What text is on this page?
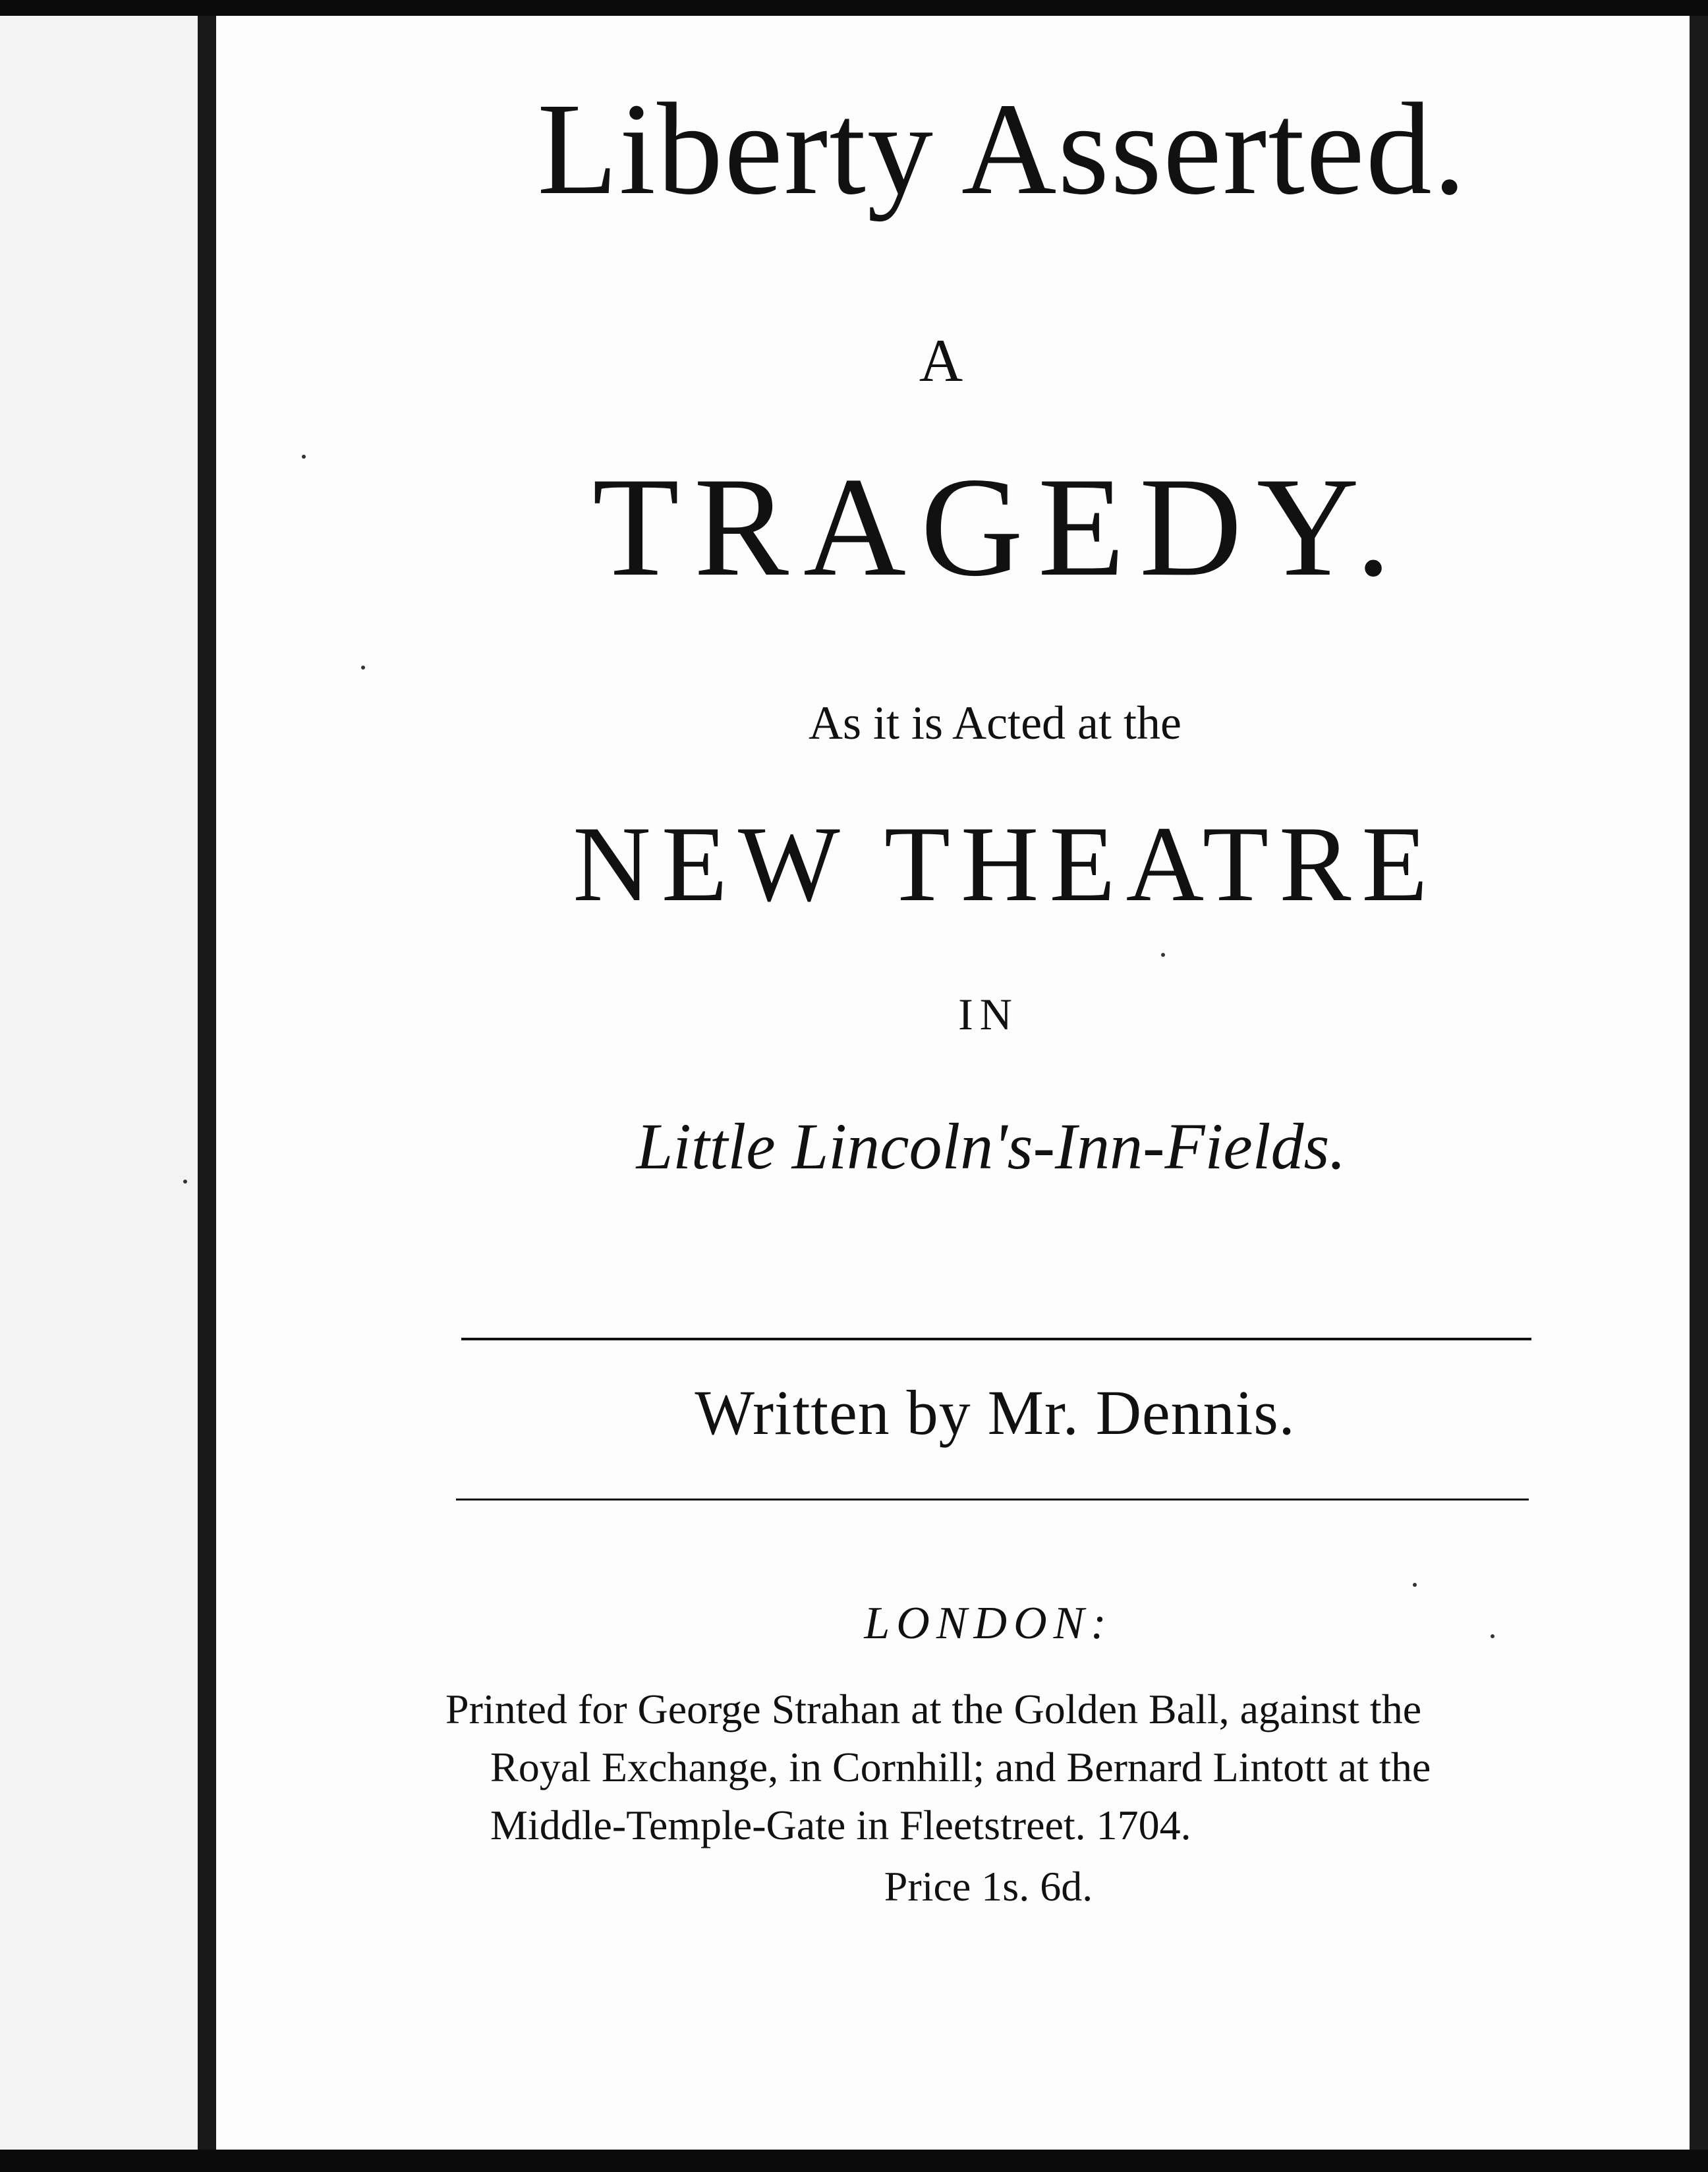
Liberty Asserted.
A
TRAGEDY.
As it is Acted at the
NEW THEATRE
IN
Little Lincoln's-Inn-Fields.
Written by Mr. Dennis.
LONDON:
Printed for George Strahan at the Golden Ball, against the
Royal Exchange, in Cornhill; and Bernard Lintott at the
Middle-Temple-Gate in Fleetstreet. 1704.
Price 1s. 6d.
